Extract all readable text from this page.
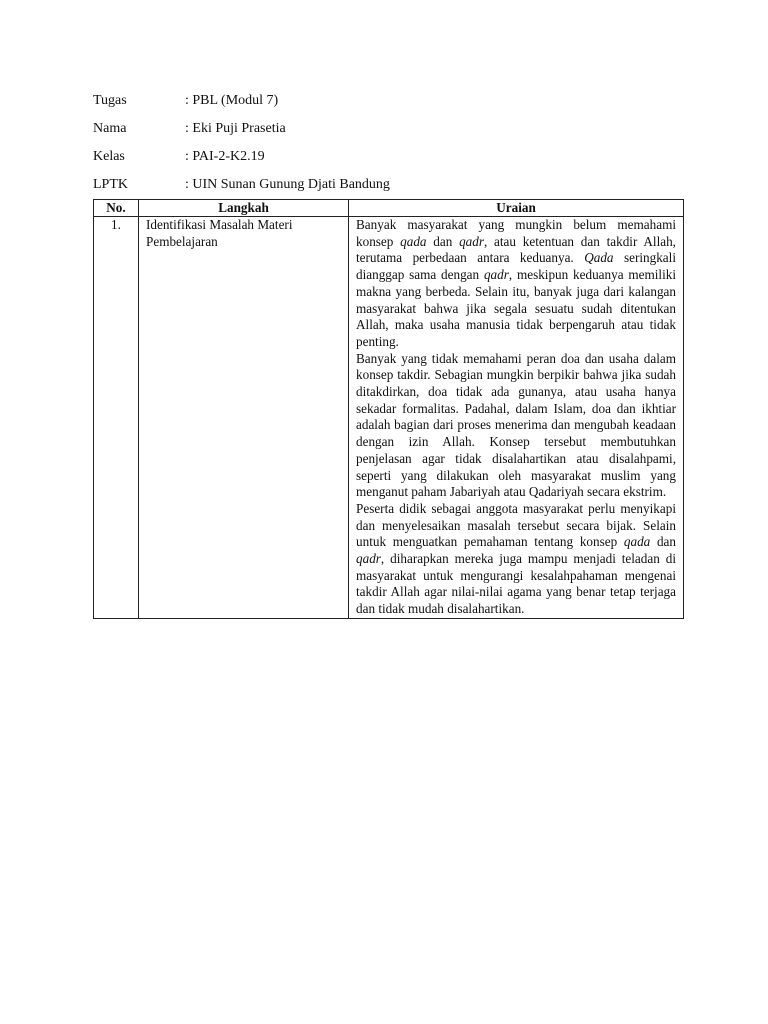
Tugas	: PBL (Modul 7)
Nama	: Eki Puji Prasetia
Kelas	: PAI-2-K2.19
LPTK	: UIN Sunan Gunung Djati Bandung
No.	Langkah	Uraian
1.	Identifikasi Masalah Materi Pembelajaran	Banyak masyarakat yang mungkin belum memahami konsep qada dan qadr, atau ketentuan dan takdir Allah, terutama perbedaan antara keduanya. Qada seringkali dianggap sama dengan qadr, meskipun keduanya memiliki makna yang berbeda. Selain itu, banyak juga dari kalangan masyarakat bahwa jika segala sesuatu sudah ditentukan Allah, maka usaha manusia tidak berpengaruh atau tidak penting.

Banyak yang tidak memahami peran doa dan usaha dalam konsep takdir. Sebagian mungkin berpikir bahwa jika sudah ditakdirkan, doa tidak ada gunanya, atau usaha hanya sekadar formalitas. Padahal, dalam Islam, doa dan ikhtiar adalah bagian dari proses menerima dan mengubah keadaan dengan izin Allah. Konsep tersebut membutuhkan penjelasan agar tidak disalahartikan atau disalahpami, seperti yang dilakukan oleh masyarakat muslim yang menganut paham Jabariyah atau Qadariyah secara ekstrim.

Peserta didik sebagai anggota masyarakat perlu menyikapi dan menyelesaikan masalah tersebut secara bijak. Selain untuk menguatkan pemahaman tentang konsep qada dan qadr, diharapkan mereka juga mampu menjadi teladan di masyarakat untuk mengurangi kesalahpahaman mengenai takdir Allah agar nilai-nilai agama yang benar tetap terjaga dan tidak mudah disalahartikan.
